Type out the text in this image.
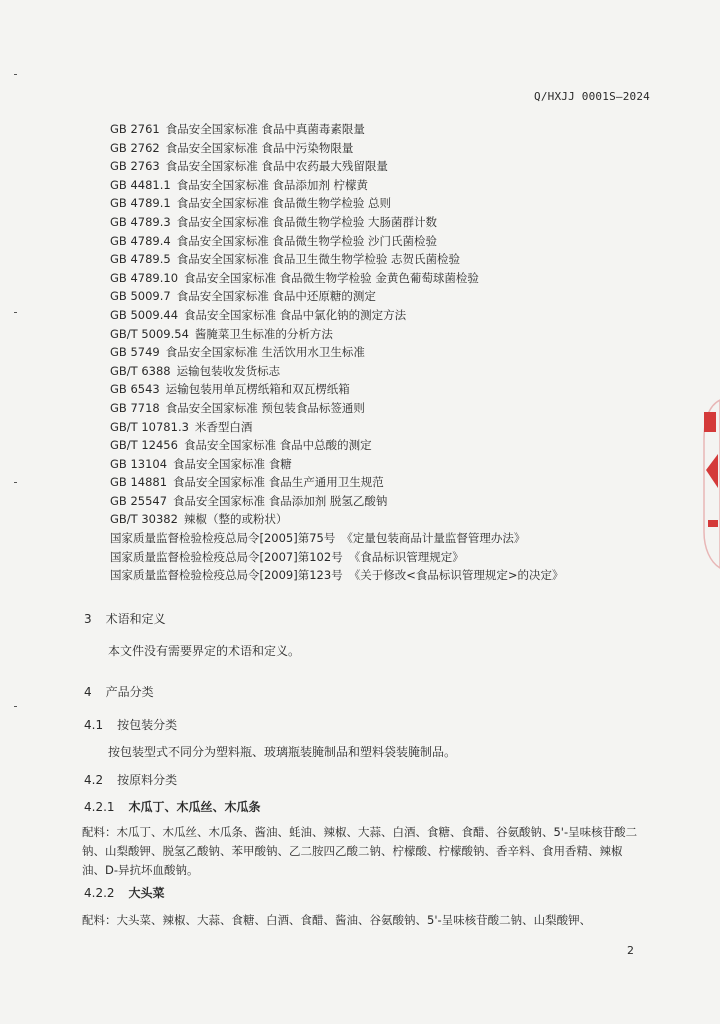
Q/HXJJ 0001S—2024
GB 2761 食品安全国家标准 食品中真菌毒素限量
GB 2762 食品安全国家标准 食品中污染物限量
GB 2763 食品安全国家标准 食品中农药最大残留限量
GB 4481.1 食品安全国家标准 食品添加剂 柠檬黄
GB 4789.1 食品安全国家标准 食品微生物学检验 总则
GB 4789.3 食品安全国家标准 食品微生物学检验 大肠菌群计数
GB 4789.4 食品安全国家标准 食品微生物学检验 沙门氏菌检验
GB 4789.5 食品安全国家标准 食品卫生微生物学检验 志贺氏菌检验
GB 4789.10 食品安全国家标准 食品微生物学检验 金黄色葡萄球菌检验
GB 5009.7 食品安全国家标准 食品中还原糖的测定
GB 5009.44 食品安全国家标准 食品中氯化钠的测定方法
GB/T 5009.54 酱腌菜卫生标准的分析方法
GB 5749 食品安全国家标准 生活饮用水卫生标准
GB/T 6388 运输包装收发货标志
GB 6543 运输包装用单瓦楞纸箱和双瓦楞纸箱
GB 7718 食品安全国家标准 预包装食品标签通则
GB/T 10781.3 米香型白酒
GB/T 12456 食品安全国家标准 食品中总酸的测定
GB 13104 食品安全国家标准 食糖
GB 14881 食品安全国家标准 食品生产通用卫生规范
GB 25547 食品安全国家标准 食品添加剂 脱氢乙酸钠
GB/T 30382 辣椒（整的或粉状）
国家质量监督检验检疫总局令[2005]第75号 《定量包装商品计量监督管理办法》
国家质量监督检验检疫总局令[2007]第102号 《食品标识管理规定》
国家质量监督检验检疫总局令[2009]第123号 《关于修改<食品标识管理规定>的决定》
3 术语和定义
本文件没有需要界定的术语和定义。
4 产品分类
4.1 按包装分类
按包装型式不同分为塑料瓶、玻璃瓶装腌制品和塑料袋装腌制品。
4.2 按原料分类
4.2.1 木瓜丁、木瓜丝、木瓜条
配料：木瓜丁、木瓜丝、木瓜条、酱油、蚝油、辣椒、大蒜、白酒、食糖、食醋、谷氨酸钠、5'-呈味核苷酸二钠、山梨酸钾、脱氢乙酸钠、苯甲酸钠、乙二胺四乙酸二钠、柠檬酸、柠檬酸钠、香辛料、食用香精、辣椒油、D-异抗坏血酸钠。
4.2.2 大头菜
配料：大头菜、辣椒、大蒜、食糖、白酒、食醋、酱油、谷氨酸钠、5'-呈味核苷酸二钠、山梨酸钾、
2
